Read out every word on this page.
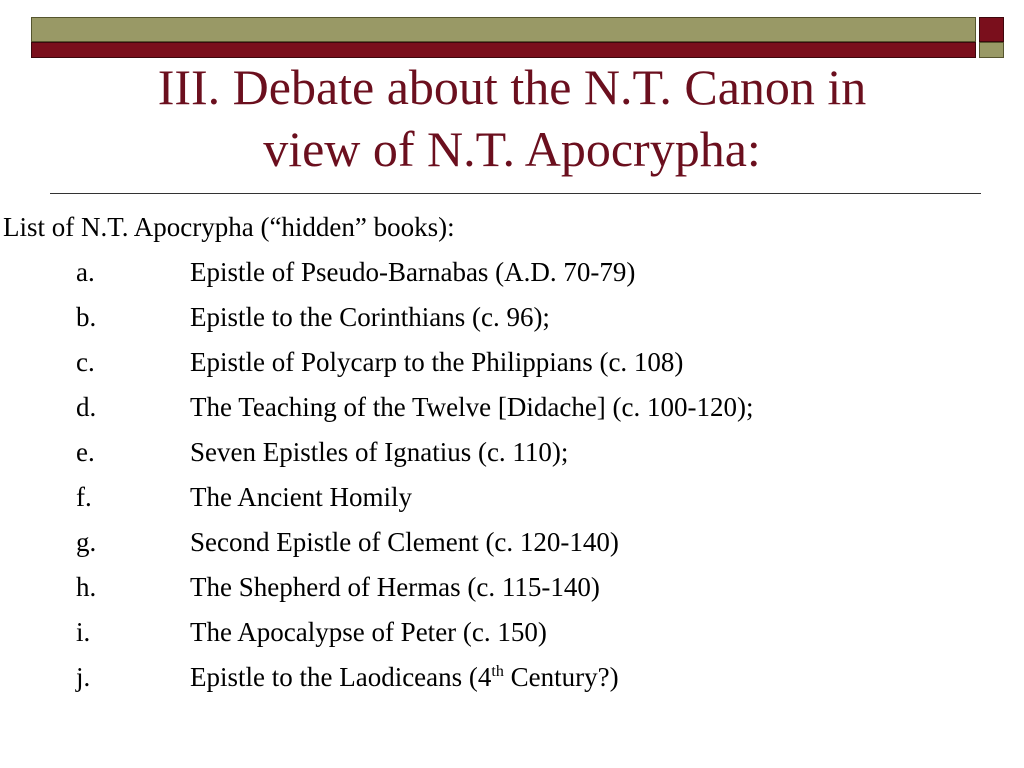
III. Debate about the N.T. Canon in
view of N.T. Apocrypha:
List of N.T. Apocrypha (“hidden” books):
a.	Epistle of Pseudo-Barnabas (A.D. 70-79)
b.	Epistle to the Corinthians (c. 96);
c.	Epistle of Polycarp to the Philippians (c. 108)
d.	The Teaching of the Twelve [Didache] (c. 100-120);
e.	Seven Epistles of Ignatius (c. 110);
f.	The Ancient Homily
g.	Second Epistle of Clement (c. 120-140)
h.	The Shepherd of Hermas (c. 115-140)
i.	The Apocalypse of Peter (c. 150)
j.	Epistle to the Laodiceans (4th Century?)
